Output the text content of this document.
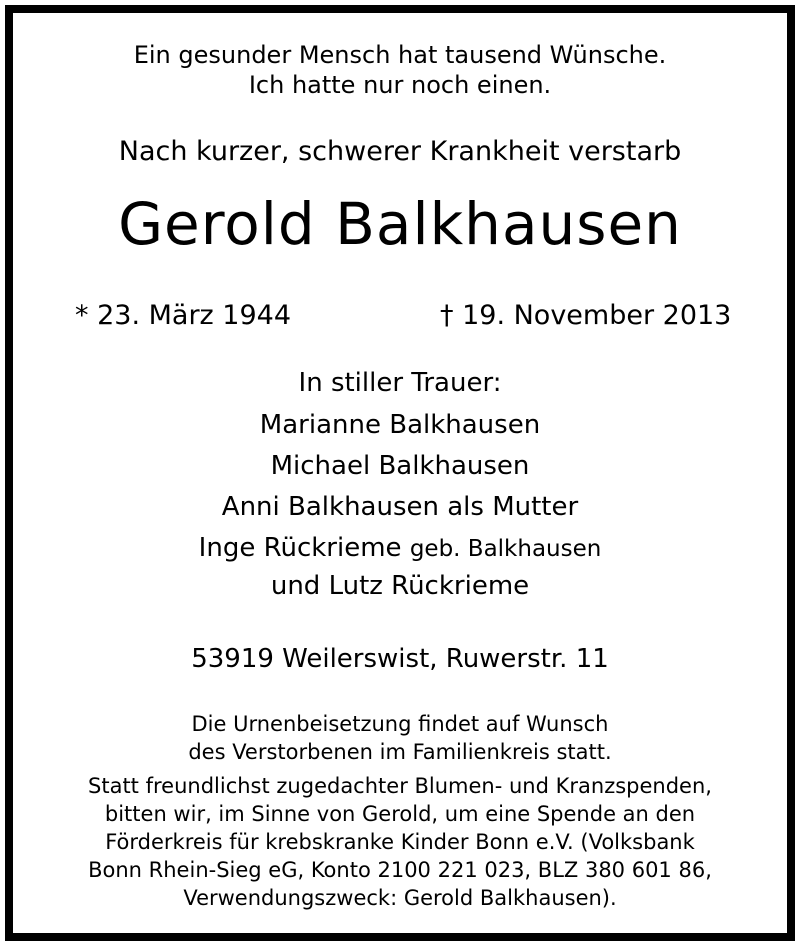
Ein gesunder Mensch hat tausend Wünsche.
Ich hatte nur noch einen.
Nach kurzer, schwerer Krankheit verstarb
Gerold Balkhausen
* 23. März 1944	† 19. November 2013
In stiller Trauer:
Marianne Balkhausen
Michael Balkhausen
Anni Balkhausen als Mutter
Inge Rückrieme geb. Balkhausen
und Lutz Rückrieme
53919 Weilerswist, Ruwerstr. 11
Die Urnenbeisetzung findet auf Wunsch
des Verstorbenen im Familienkreis statt.
Statt freundlichst zugedachter Blumen- und Kranzspenden,
bitten wir, im Sinne von Gerold, um eine Spende an den
Förderkreis für krebskranke Kinder Bonn e.V. (Volksbank
Bonn Rhein-Sieg eG, Konto 2100 221 023, BLZ 380 601 86,
Verwendungszweck: Gerold Balkhausen).
